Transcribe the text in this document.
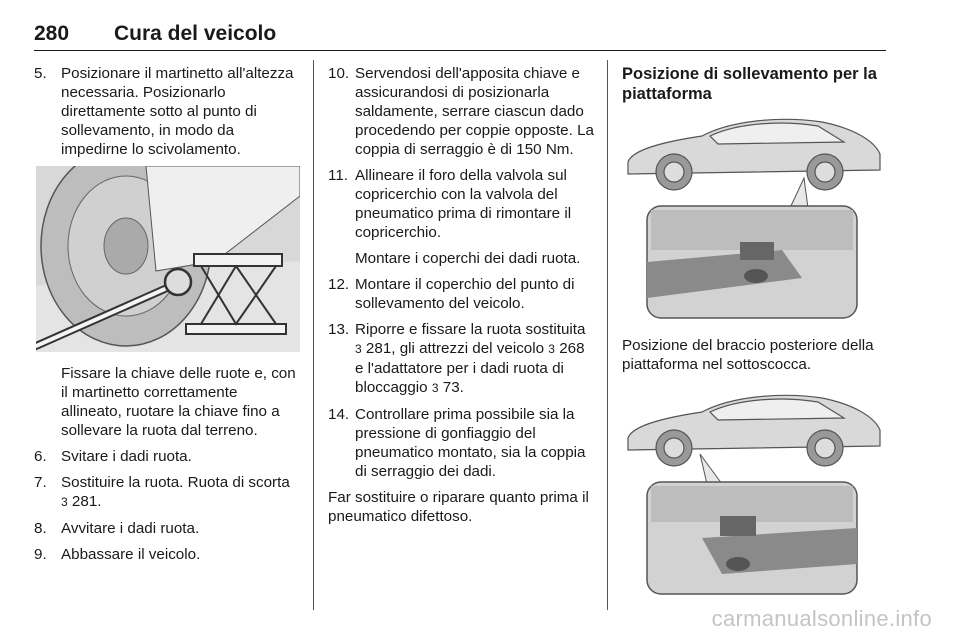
280 Cura del veicolo
5. Posizionare il martinetto all'altezza necessaria. Posizionarlo direttamente sotto al punto di sollevamento, in modo da impedirne lo scivolamento.
Fissare la chiave delle ruote e, con il martinetto correttamente allineato, ruotare la chiave fino a sollevare la ruota dal terreno.
6. Svitare i dadi ruota.
7. Sostituire la ruota. Ruota di scorta
3 281.
8. Avvitare i dadi ruota.
9. Abbassare il veicolo.
10. Servendosi dell'apposita chiave e assicurandosi di posizionarla saldamente, serrare ciascun dado procedendo per coppie opposte. La coppia di serraggio è di 150 Nm.
11. Allineare il foro della valvola sul copricerchio con la valvola del pneumatico prima di rimontare il copricerchio.
Montare i coperchi dei dadi ruota.
12. Montare il coperchio del punto di sollevamento del veicolo.
13. Riporre e fissare la ruota sostituita 3 281, gli attrezzi del veicolo 3 268 e l'adattatore per i dadi ruota di bloccaggio 3 73.
14. Controllare prima possibile sia la pressione di gonfiaggio del pneumatico montato, sia la coppia di serraggio dei dadi.
Far sostituire o riparare quanto prima il pneumatico difettoso.
Posizione di sollevamento per la piattaforma
Posizione del braccio posteriore della piattaforma nel sottoscocca.
carmanualsonline.info
